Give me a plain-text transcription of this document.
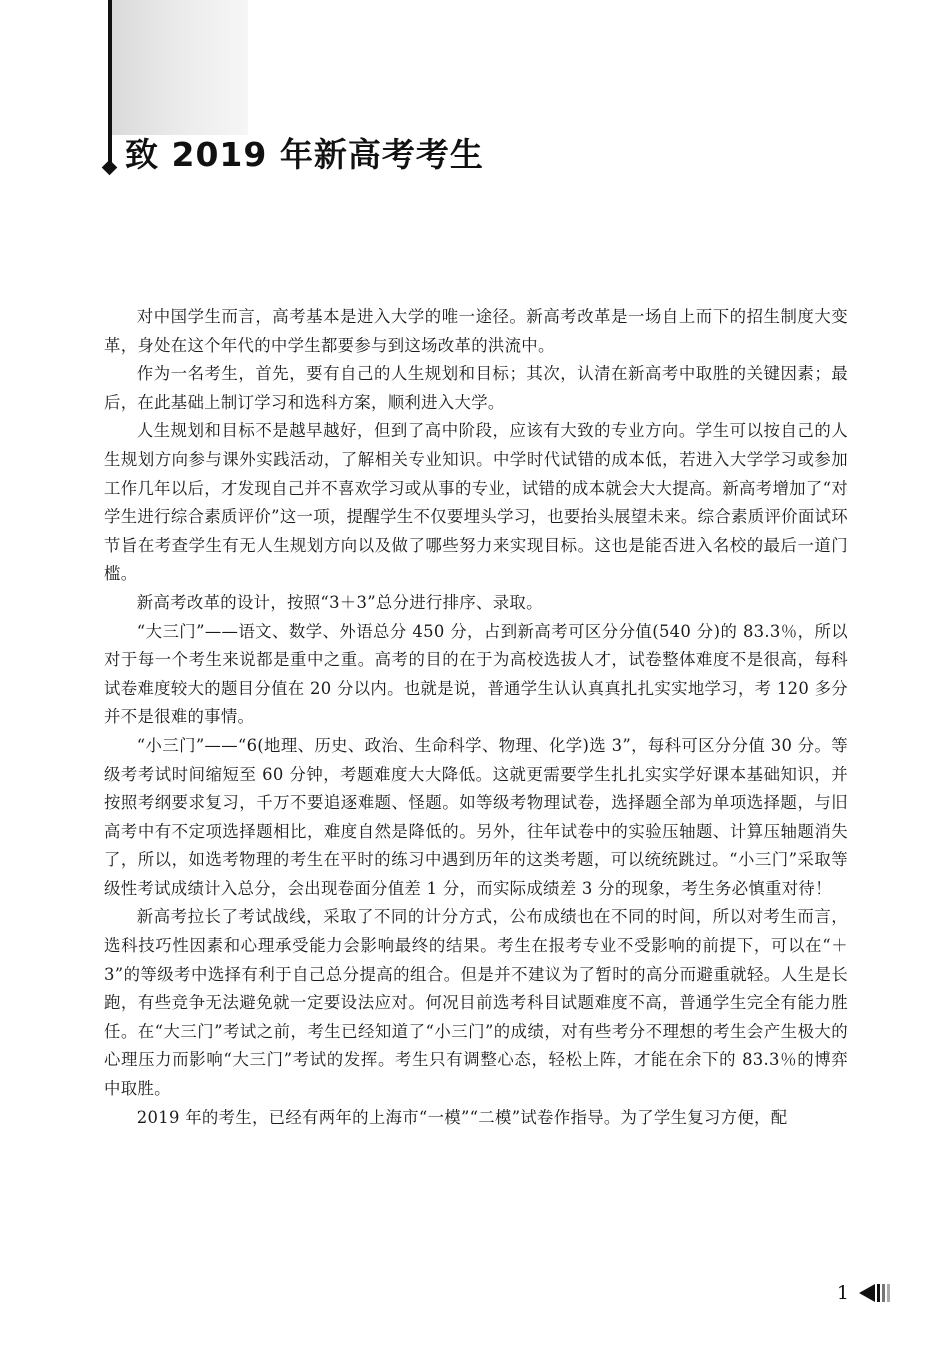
致 2019 年新高考考生

对中国学生而言，高考基本是进入大学的唯一途径。新高考改革是一场自上而下的招生制度大变革，身处在这个年代的中学生都要参与到这场改革的洪流中。

作为一名考生，首先，要有自己的人生规划和目标；其次，认清在新高考中取胜的关键因素；最后，在此基础上制订学习和选科方案，顺利进入大学。

人生规划和目标不是越早越好，但到了高中阶段，应该有大致的专业方向。学生可以按自己的人生规划方向参与课外实践活动，了解相关专业知识。中学时代试错的成本低，若进入大学学习或参加工作几年以后，才发现自己并不喜欢学习或从事的专业，试错的成本就会大大提高。新高考增加了“对学生进行综合素质评价”这一项，提醒学生不仅要埋头学习，也要抬头展望未来。综合素质评价面试环节旨在考查学生有无人生规划方向以及做了哪些努力来实现目标。这也是能否进入名校的最后一道门槛。

新高考改革的设计，按照“3＋3”总分进行排序、录取。

“大三门”——语文、数学、外语总分 450 分，占到新高考可区分分值(540 分)的 83.3％，所以对于每一个考生来说都是重中之重。高考的目的在于为高校选拔人才，试卷整体难度不是很高，每科试卷难度较大的题目分值在 20 分以内。也就是说，普通学生认认真真扎扎实实地学习，考 120 多分并不是很难的事情。

“小三门”——“6(地理、历史、政治、生命科学、物理、化学)选 3”，每科可区分分值 30 分。等级考考试时间缩短至 60 分钟，考题难度大大降低。这就更需要学生扎扎实实学好课本基础知识，并按照考纲要求复习，千万不要追逐难题、怪题。如等级考物理试卷，选择题全部为单项选择题，与旧高考中有不定项选择题相比，难度自然是降低的。另外，往年试卷中的实验压轴题、计算压轴题消失了，所以，如选考物理的考生在平时的练习中遇到历年的这类考题，可以统统跳过。“小三门”采取等级性考试成绩计入总分，会出现卷面分值差 1 分，而实际成绩差 3 分的现象，考生务必慎重对待！

新高考拉长了考试战线，采取了不同的计分方式，公布成绩也在不同的时间，所以对考生而言，选科技巧性因素和心理承受能力会影响最终的结果。考生在报考专业不受影响的前提下，可以在“＋3”的等级考中选择有利于自己总分提高的组合。但是并不建议为了暂时的高分而避重就轻。人生是长跑，有些竞争无法避免就一定要设法应对。何况目前选考科目试题难度不高，普通学生完全有能力胜任。在“大三门”考试之前，考生已经知道了“小三门”的成绩，对有些考分不理想的考生会产生极大的心理压力而影响“大三门”考试的发挥。考生只有调整心态，轻松上阵，才能在余下的 83.3％的博弈中取胜。

2019 年的考生，已经有两年的上海市“一模”“二模”试卷作指导。为了学生复习方便，配

1
